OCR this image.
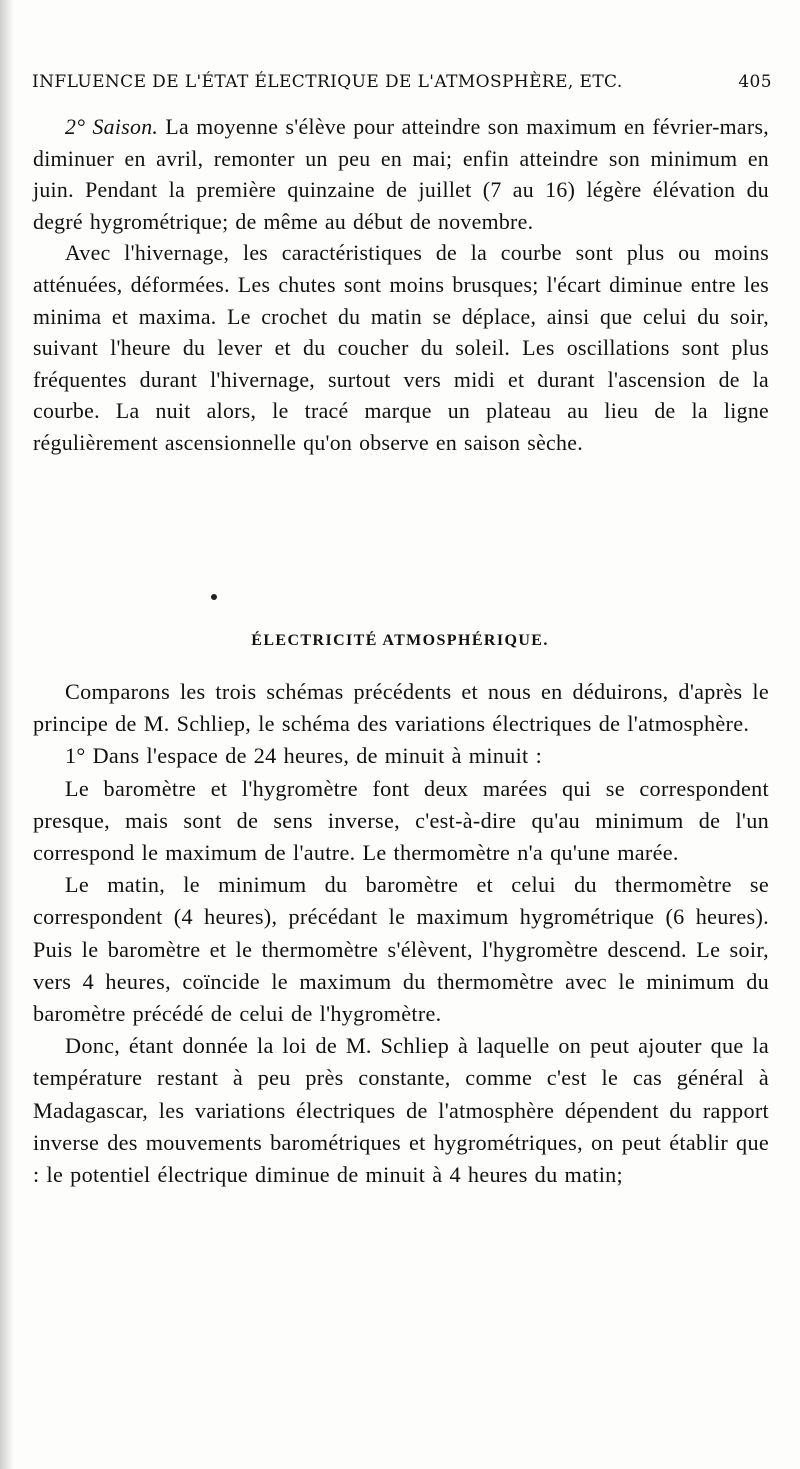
INFLUENCE DE L'ÉTAT ÉLECTRIQUE DE L'ATMOSPHÈRE, ETC.	405

2° Saison. La moyenne s'élève pour atteindre son maximum en février-mars, diminuer en avril, remonter un peu en mai; enfin atteindre son minimum en juin. Pendant la première quinzaine de juillet (7 au 16) légère élévation du degré hygrométrique; de même au début de novembre.

Avec l'hivernage, les caractéristiques de la courbe sont plus ou moins atténuées, déformées. Les chutes sont moins brusques; l'écart diminue entre les minima et maxima. Le crochet du matin se déplace, ainsi que celui du soir, suivant l'heure du lever et du coucher du soleil. Les oscillations sont plus fréquentes durant l'hivernage, surtout vers midi et durant l'ascension de la courbe. La nuit alors, le tracé marque un plateau au lieu de la ligne régulièrement ascensionnelle qu'on observe en saison sèche.

ÉLECTRICITÉ ATMOSPHÉRIQUE.

Comparons les trois schémas précédents et nous en déduirons, d'après le principe de M. Schliep, le schéma des variations électriques de l'atmosphère.

1° Dans l'espace de 24 heures, de minuit à minuit :

Le baromètre et l'hygromètre font deux marées qui se correspondent presque, mais sont de sens inverse, c'est-à-dire qu'au minimum de l'un correspond le maximum de l'autre. Le thermomètre n'a qu'une marée.

Le matin, le minimum du baromètre et celui du thermomètre se correspondent (4 heures), précédant le maximum hygrométrique (6 heures). Puis le baromètre et le thermomètre s'élèvent, l'hygromètre descend. Le soir, vers 4 heures, coïncide le maximum du thermomètre avec le minimum du baromètre précédé de celui de l'hygromètre.

Donc, étant donnée la loi de M. Schliep à laquelle on peut ajouter que la température restant à peu près constante, comme c'est le cas général à Madagascar, les variations électriques de l'atmosphère dépendent du rapport inverse des mouvements barométriques et hygrométriques, on peut établir que : le potentiel électrique diminue de minuit à 4 heures du matin;
